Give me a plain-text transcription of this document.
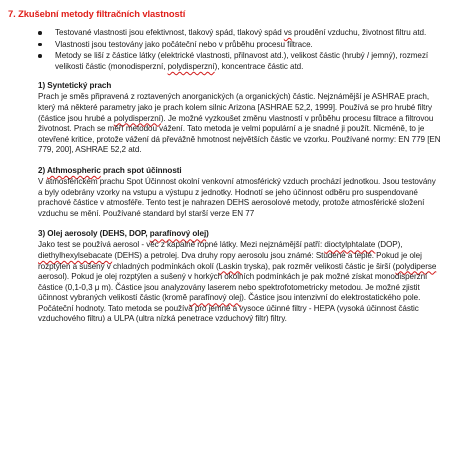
7. Zkušební metody filtračních vlastností
Testované vlastnosti jsou efektivnost, tlakový spád, tlakový spád vs proudění vzduchu, životnost filtru atd.
Vlastnosti jsou testovány jako počáteční nebo v průběhu procesu filtrace.
Metody se liší z částice látky (elektrické vlastnosti, přilnavost atd.), velikost částic (hrubý / jemný), rozmezí velikosti částic (monodisperzní, polydisperzní), koncentrace částic atd.
1) Syntetický prach

Prach je směs připravená z roztavených anorganických (a organických) částic. Nejznámější je ASHRAE prach, který má některé parametry jako je prach kolem silnic Arizona [ASHRAE 52,2, 1999]. Používá se pro hrubé filtry (částice jsou hrubé a polydisperzní). Je možné vyzkoušet změnu vlastností v průběhu procesu filtrace a filtrovou životnost. Prach se měří metodou vážení. Tato metoda je velmi populární a je snadné ji použít. Nicméně, to je otevřené kritice, protože vážení dá převážně hmotnost největších částic ve vzorku. Používané normy: EN 779 [EN 779, 200], ASHRAE 52,2 atd.

2) Athmospheric prach spot účinnosti

V atmosférickém prachu Spot Účinnost okolní venkovní atmosférický vzduch prochází jednotkou. Jsou testovány a byly odebrány vzorky na vstupu a výstupu z jednotky. Hodnotí se jeho účinnost odběru pro suspendované prachové částice v atmosféře. Tento test je nahrazen DEHS aerosolové metody, protože atmosférické složení vzduchu se mění. Používané standard byl starší verze EN 77

3) Olej aerosoly (DEHS, DOP, parafínový olej)

Jako test se používá aerosol - věc z kapalné ropné látky. Mezi nejznámější patří: dioctylphtalate (DOP), diethylhexylsebacate (DEHS) a petrolej. Dva druhy ropy aerosolu jsou známé: Studené a teplé. Pokud je olej rozptýlen a sušený v chladných podmínkách okolí (Laskin tryska), pak rozměr velikosti částic je širší (polydiperse aerosol). Pokud je olej rozptýlen a sušený v horkých okolních podmínkách je pak možné získat monodisperzní částice (0,1-0,3 μ m). Částice jsou analyzovány laserem nebo spektrofotometricky metodou. Je možné zjistit účinnost vybraných velikostí částic (kromě parafínový olej). Částice jsou intenzivní do elektrostatického pole. Počáteční hodnoty. Tato metoda se používá pro jemné a vysoce účinné filtry - HEPA (vysoká účinnost částic vzduchového filtru) a ULPA (ultra nízká penetrace vzduchový filtr) filtry.
